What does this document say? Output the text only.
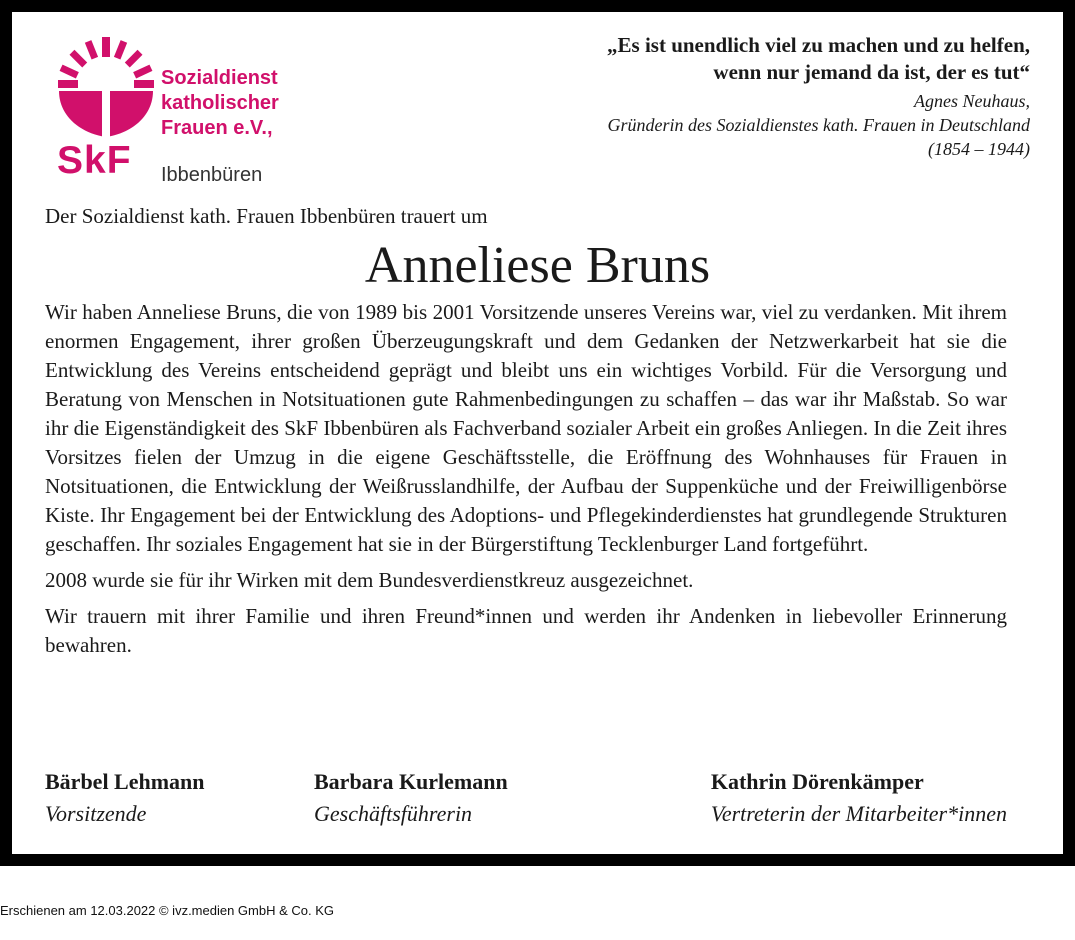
Sozialdienst
katholischer
Frauen e.V.,
SkF Ibbenbüren
„Es ist unendlich viel zu machen und zu helfen,
wenn nur jemand da ist, der es tut“
Agnes Neuhaus,
Gründerin des Sozialdienstes kath. Frauen in Deutschland
(1854 – 1944)
Der Sozialdienst kath. Frauen Ibbenbüren trauert um
Anneliese Bruns

Wir haben Anneliese Bruns, die von 1989 bis 2001 Vorsitzende unseres Vereins war, viel zu verdanken. Mit ihrem enormen Engagement, ihrer großen Überzeugungskraft und dem Gedanken der Netzwerkarbeit hat sie die Entwicklung des Vereins entscheidend geprägt und bleibt uns ein wichtiges Vorbild. Für die Versorgung und Beratung von Menschen in Notsituationen gute Rahmenbedingungen zu schaffen – das war ihr Maßstab. So war ihr die Eigenständigkeit des SkF Ibbenbüren als Fachverband sozialer Arbeit ein großes Anliegen. In die Zeit ihres Vorsitzes fielen der Umzug in die eigene Geschäftsstelle, die Eröffnung des Wohnhauses für Frauen in Notsituationen, die Entwicklung der Weißrusslandhilfe, der Aufbau der Suppenküche und der Freiwilligenbörse Kiste. Ihr Engagement bei der Entwicklung des Adoptions- und Pflegekinderdienstes hat grundlegende Strukturen geschaffen. Ihr soziales Engagement hat sie in der Bürgerstiftung Tecklenburger Land fortgeführt.

2008 wurde sie für ihr Wirken mit dem Bundesverdienstkreuz ausgezeichnet.

Wir trauern mit ihrer Familie und ihren Freund*innen und werden ihr Andenken in liebevoller Erinnerung bewahren.

Bärbel Lehmann
Vorsitzende
Barbara Kurlemann
Geschäftsführerin
Kathrin Dörenkämper
Vertreterin der Mitarbeiter*innen
Erschienen am 12.03.2022 © ivz.medien GmbH & Co. KG
